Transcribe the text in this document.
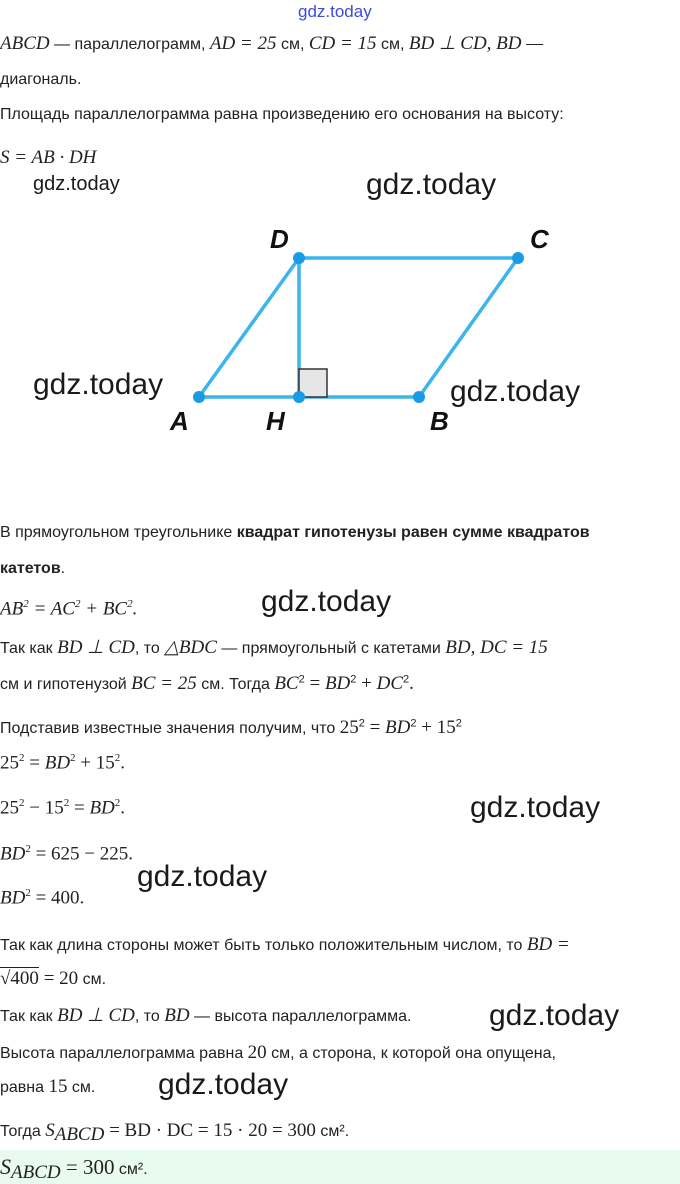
gdz.today
ABCD — параллелограмм, AD = 25 см, CD = 15 см, BD ⊥ CD, BD —
диагональ.
Площадь параллелограмма равна произведению его основания на высоту:
S = AB · DH
gdz.today	gdz.today
D	C
A	H	B
gdz.today	gdz.today
В прямоугольном треугольнике квадрат гипотенузы равен сумме квадратов
катетов.
$AB^2 = AC^2 + BC^2$.	gdz.today
Так как BD ⊥ CD, то △BDC — прямоугольный с катетами BD, DC = 15
см и гипотенузой BC = 25 см. Тогда $BC^2 = BD^2 + DC^2$.
Подставив известные значения получим, что $25^2 = BD^2 + 15^2$
$25^2 = BD^2 + 15^2$.
$25^2 - 15^2 = BD^2$.	gdz.today
$BD^2 = 625 - 225$.
$BD^2 = 400$.
gdz.today
Так как длина стороны может быть только положительным числом, то BD =
√400 = 20 см.
Так как BD ⊥ CD, то BD — высота параллелограмма.	gdz.today
Высота параллелограмма равна 20 см, а сторона, к которой она опущена,
равна 15 см. gdz.today
Тогда $S_{ABCD}$ = BD · DC = 15 · 20 = 300 см².
$S_{ABCD} = 300$ см².
